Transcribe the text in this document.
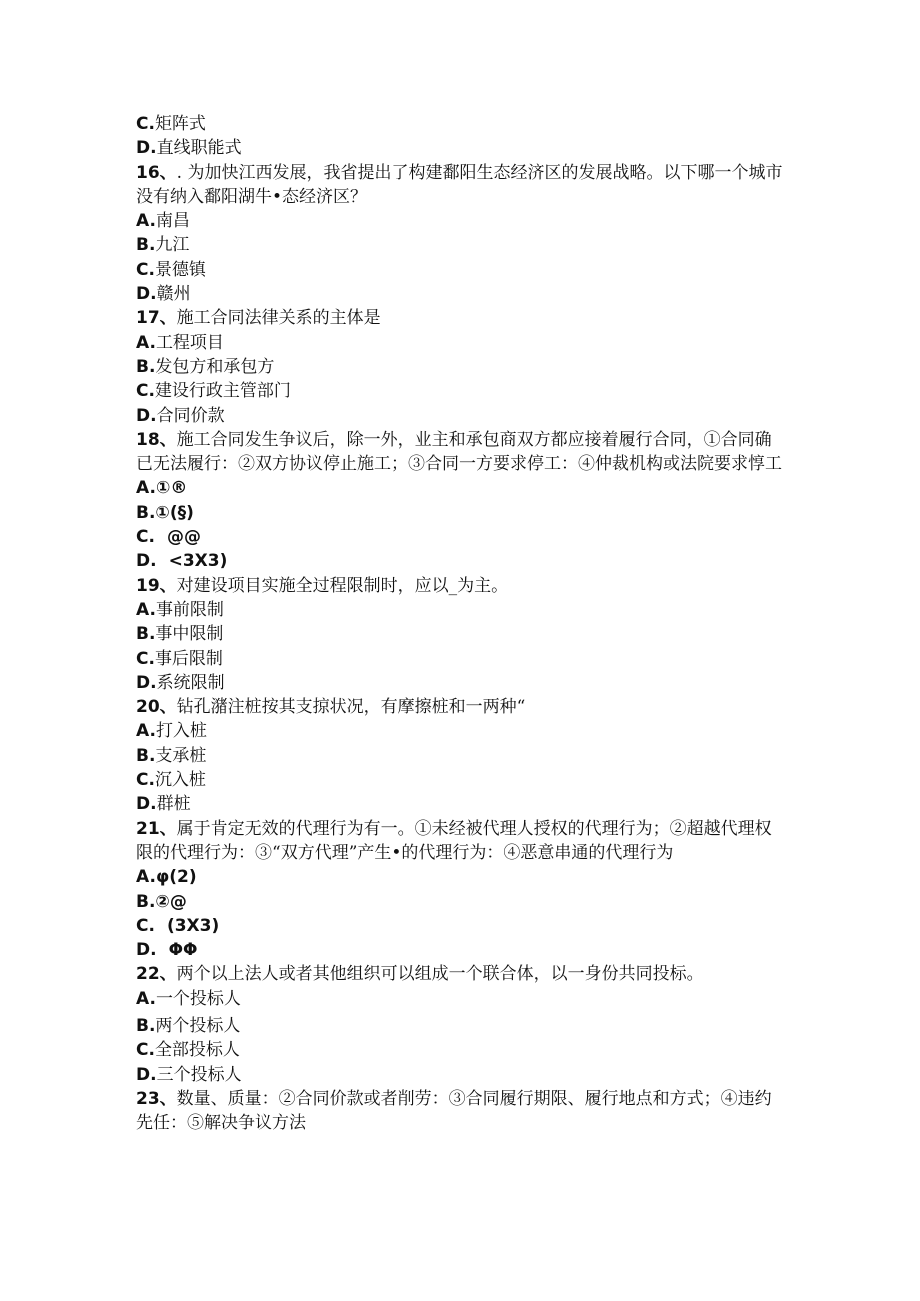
C.矩阵式
D.直线职能式
16、. 为加快江西发展，我省提出了构建鄱阳生态经济区的发展战略。以下哪一个城市没有纳入鄱阳湖牛•态经济区？
A.南昌
B.九江
C.景德镇
D.赣州
17、施工合同法律关系的主体是
A.工程项目
B.发包方和承包方
C.建设行政主管部门
D.合同价款
18、施工合同发生争议后，除一外，业主和承包商双方都应接着履行合同，①合同确已无法履行：②双方协议停止施工；③合同一方要求停工：④仲裁机构或法院要求惇工
A.①®
B.①(§)
C. @@
D. <3X3)
19、对建设项目实施全过程限制时，应以_为主。
A.事前限制
B.事中限制
C.事后限制
D.系统限制
20、钻孔潴注桩按其支掠状况，有摩擦桩和一两种“
A.打入桩
B.支承桩
C.沉入桩
D.群桩
21、属于肯定无效的代理行为有一。①未经被代理人授权的代理行为；②超越代理权限的代理行为：③“双方代理”产生•的代理行为：④恶意串通的代理行为
A.φ(2)
B.②@
C. (3X3)
D. ΦΦ
22、两个以上法人或者其他组织可以组成一个联合体，以一身份共同投标。
A.一个投标人
B.两个投标人
C.全部投标人
D.三个投标人
23、数量、质量：②合同价款或者削劳：③合同履行期限、履行地点和方式；④违约先任：⑤解决争议方法
